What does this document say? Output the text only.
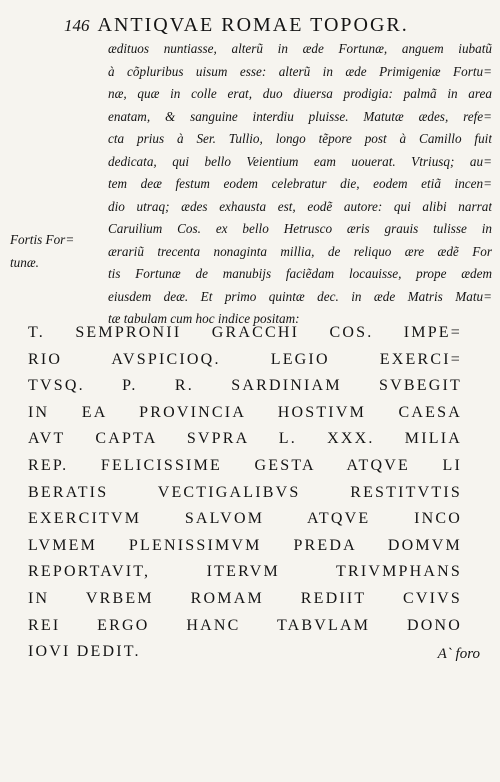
146 ANTIQVAE ROMAE TOPOGR.
Fortis For=
tunæ.
ædituos nuntiasse, alterũ in æde Fortunæ, anguem iubatũ
à cõpluribus uisum esse: alterũ in æde Primigeniæ Fortu=
næ, quæ in colle erat, duo diuersa prodigia: palmã in area
enatam, & sanguine interdiu pluisse. Matutæ ædes, refe=
cta prius à Ser. Tullio, longo tẽpore post à Camillo fuit
dedicata, qui bello Veientium eam uouerat. Vtriusq; au=
tem deæ festum eodem celebratur die, eodem etiã incen=
dio utraq; ædes exhausta est, eodẽ autore: qui alibi narrat
Caruilium Cos. ex bello Hetrusco æris grauis tulisse in
ærariũ trecenta nonaginta millia, de reliquo ære ædẽ For
tis Fortunæ de manubijs faciẽdam locauisse, prope ædem
eiusdem deæ. Et primo quintæ dec. in æde Matris Matu=
tæ tabulam cum hoc indice positam:
T. SEMPRONII GRACCHI COS. IMPE=
RIO AVSPICIOQ. LEGIO EXERCI=
TVSQ. P. R. SARDINIAM SVBEGIT
IN EA PROVINCIA HOSTIVM CAESA
AVT CAPTA SVPRA L. XXX. MILIA
REP. FELICISSIME GESTA ATQVE LI
BERATIS VECTIGALIBVS RESTITVTIS
EXERCITVM SALVOM ATQVE INCO
LVMEM PLENISSIMVM PREDA DOMVM
REPORTAVIT, ITERVM TRIVMPHANS
IN VRBEM ROMAM REDIIT CVIVS
REI ERGO HANC TABVLAM DONO
IOVI DEDIT.	A` foro
